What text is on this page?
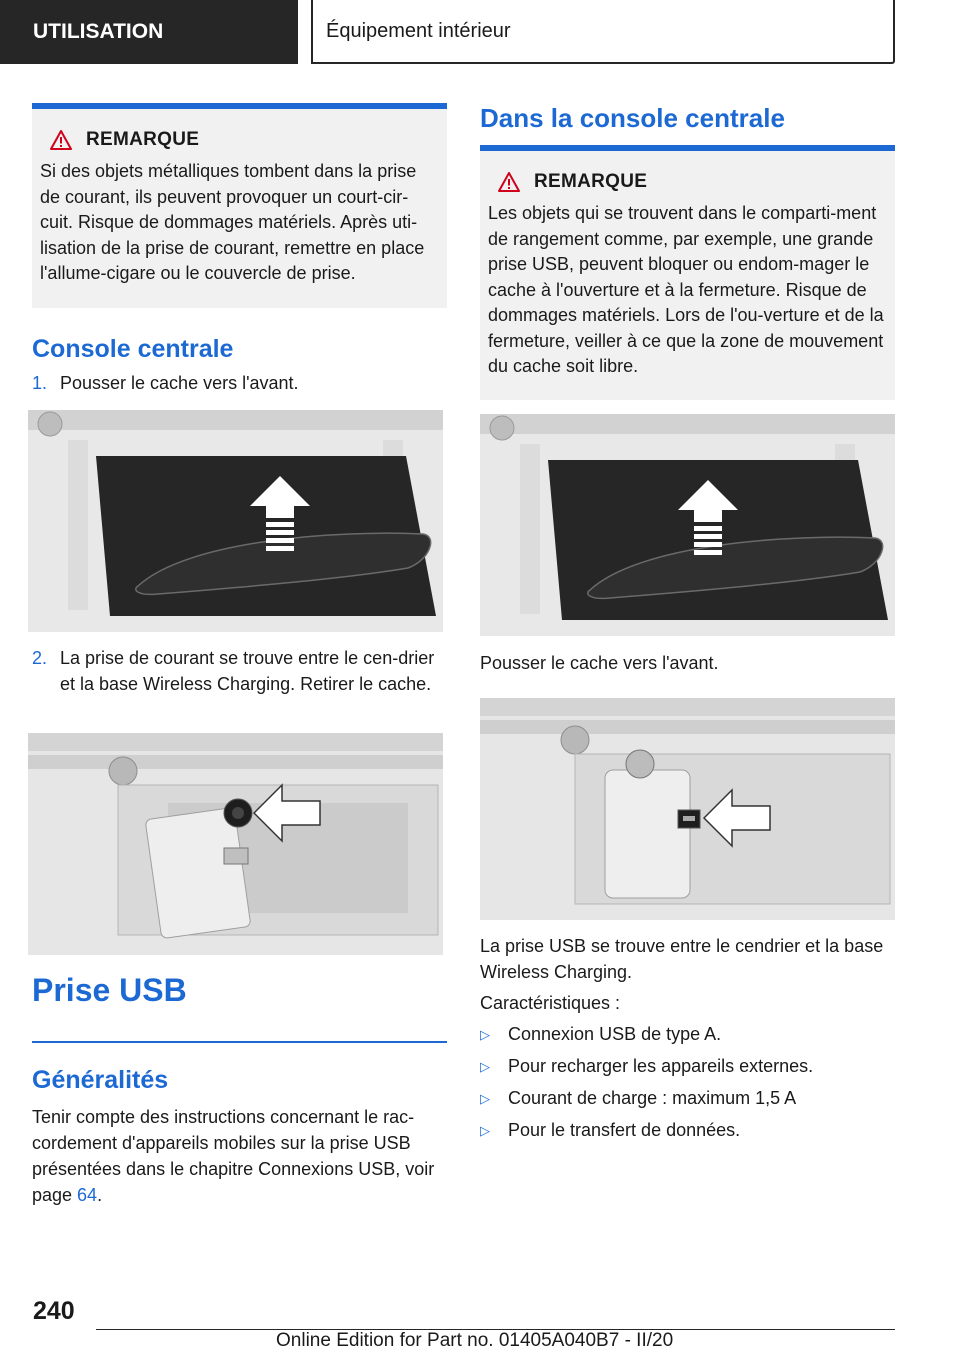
UTILISATION	Équipement intérieur
REMARQUE
Si des objets métalliques tombent dans la prise de courant, ils peuvent provoquer un court-cir-cuit. Risque de dommages matériels. Après uti-lisation de la prise de courant, remettre en place l'allume-cigare ou le couvercle de prise.
Console centrale
1. Pousser le cache vers l'avant.
2. La prise de courant se trouve entre le cen-drier et la base Wireless Charging. Retirer le cache.
Prise USB
Généralités
Tenir compte des instructions concernant le rac-cordement d'appareils mobiles sur la prise USB présentées dans le chapitre Connexions USB, voir page 64.
Dans la console centrale
REMARQUE
Les objets qui se trouvent dans le comparti-ment de rangement comme, par exemple, une grande prise USB, peuvent bloquer ou endom-mager le cache à l'ouverture et à la fermeture. Risque de dommages matériels. Lors de l'ou-verture et de la fermeture, veiller à ce que la zone de mouvement du cache soit libre.
Pousser le cache vers l'avant.
La prise USB se trouve entre le cendrier et la base Wireless Charging.
Caractéristiques :
▷	Connexion USB de type A.
▷	Pour recharger les appareils externes.
▷	Courant de charge : maximum 1,5 A
▷	Pour le transfert de données.
240
Online Edition for Part no. 01405A040B7 - II/20
